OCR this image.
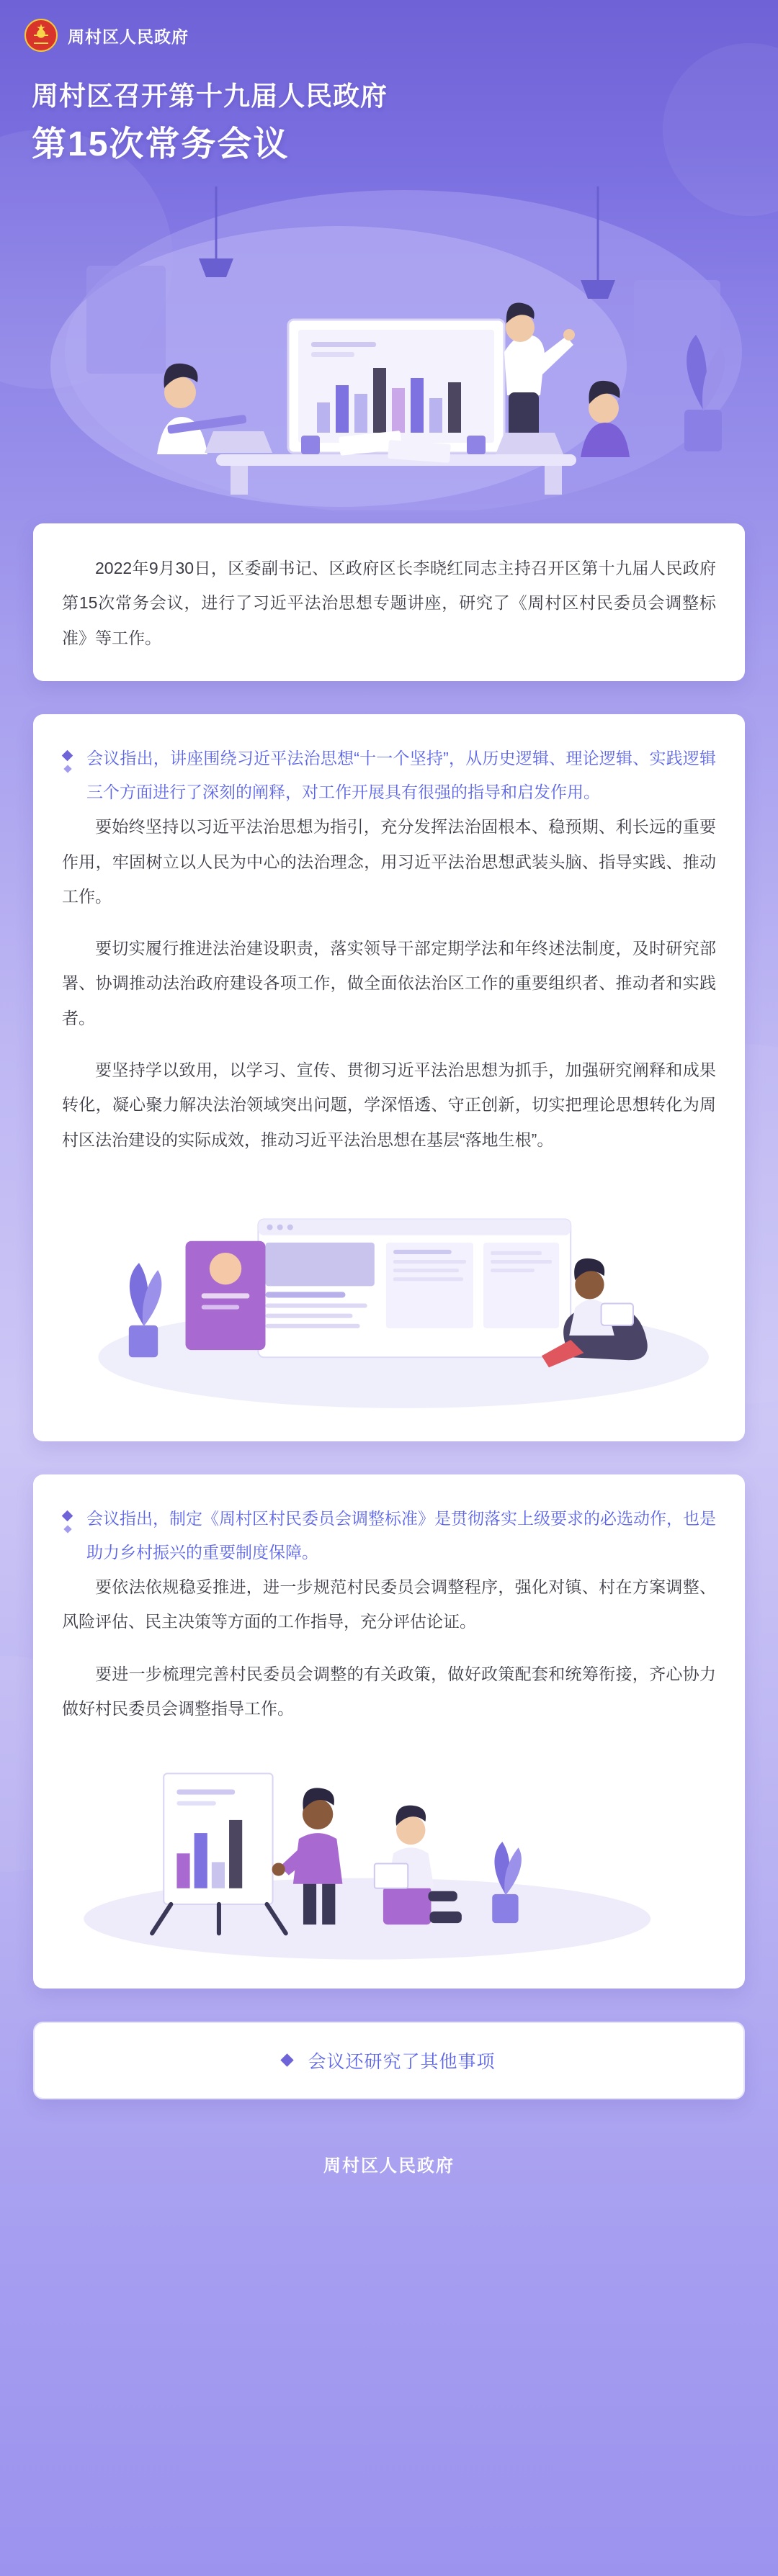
★
周村区人民政府
周村区召开第十九届人民政府
第15次常务会议
2022年9月30日，区委副书记、区政府区长李晓红同志主持召开区第十九届人民政府第15次常务会议，进行了习近平法治思想专题讲座，研究了《周村区村民委员会调整标准》等工作。
会议指出，讲座围绕习近平法治思想“十一个坚持”，从历史逻辑、理论逻辑、实践逻辑三个方面进行了深刻的阐释，对工作开展具有很强的指导和启发作用。
要始终坚持以习近平法治思想为指引，充分发挥法治固根本、稳预期、利长远的重要作用，牢固树立以人民为中心的法治理念，用习近平法治思想武装头脑、指导实践、推动工作。
要切实履行推进法治建设职责，落实领导干部定期学法和年终述法制度，及时研究部署、协调推动法治政府建设各项工作，做全面依法治区工作的重要组织者、推动者和实践者。
要坚持学以致用，以学习、宣传、贯彻习近平法治思想为抓手，加强研究阐释和成果转化，凝心聚力解决法治领域突出问题，学深悟透、守正创新，切实把理论思想转化为周村区法治建设的实际成效，推动习近平法治思想在基层“落地生根”。
会议指出，制定《周村区村民委员会调整标准》是贯彻落实上级要求的必选动作，也是助力乡村振兴的重要制度保障。
要依法依规稳妥推进，进一步规范村民委员会调整程序，强化对镇、村在方案调整、风险评估、民主决策等方面的工作指导，充分评估论证。
要进一步梳理完善村民委员会调整的有关政策，做好政策配套和统筹衔接，齐心协力做好村民委员会调整指导工作。
会议还研究了其他事项
周村区人民政府
